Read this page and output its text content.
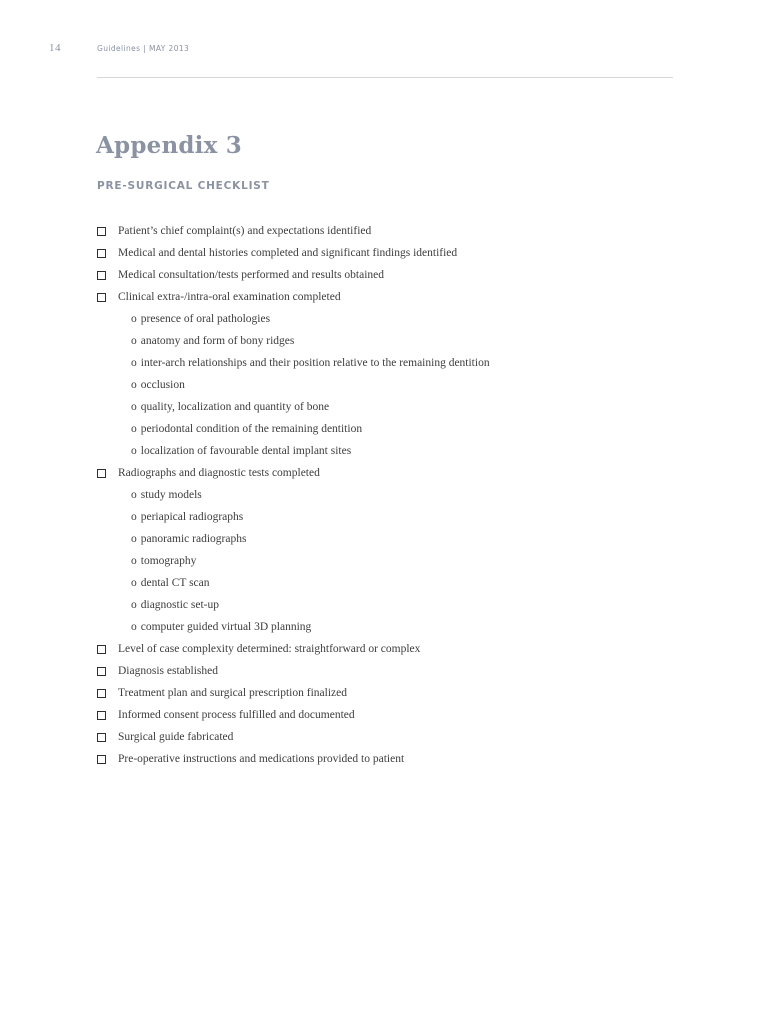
14	Guidelines | MAY 2013
Appendix 3
PRE-SURGICAL CHECKLIST
Patient’s chief complaint(s) and expectations identified
Medical and dental histories completed and significant findings identified
Medical consultation/tests performed and results obtained
Clinical extra-/intra-oral examination completed
o presence of oral pathologies
o anatomy and form of bony ridges
o inter-arch relationships and their position relative to the remaining dentition
o occlusion
o quality, localization and quantity of bone
o periodontal condition of the remaining dentition
o localization of favourable dental implant sites
Radiographs and diagnostic tests completed
o study models
o periapical radiographs
o panoramic radiographs
o tomography
o dental CT scan
o diagnostic set-up
o computer guided virtual 3D planning
Level of case complexity determined: straightforward or complex
Diagnosis established
Treatment plan and surgical prescription finalized
Informed consent process fulfilled and documented
Surgical guide fabricated
Pre-operative instructions and medications provided to patient
